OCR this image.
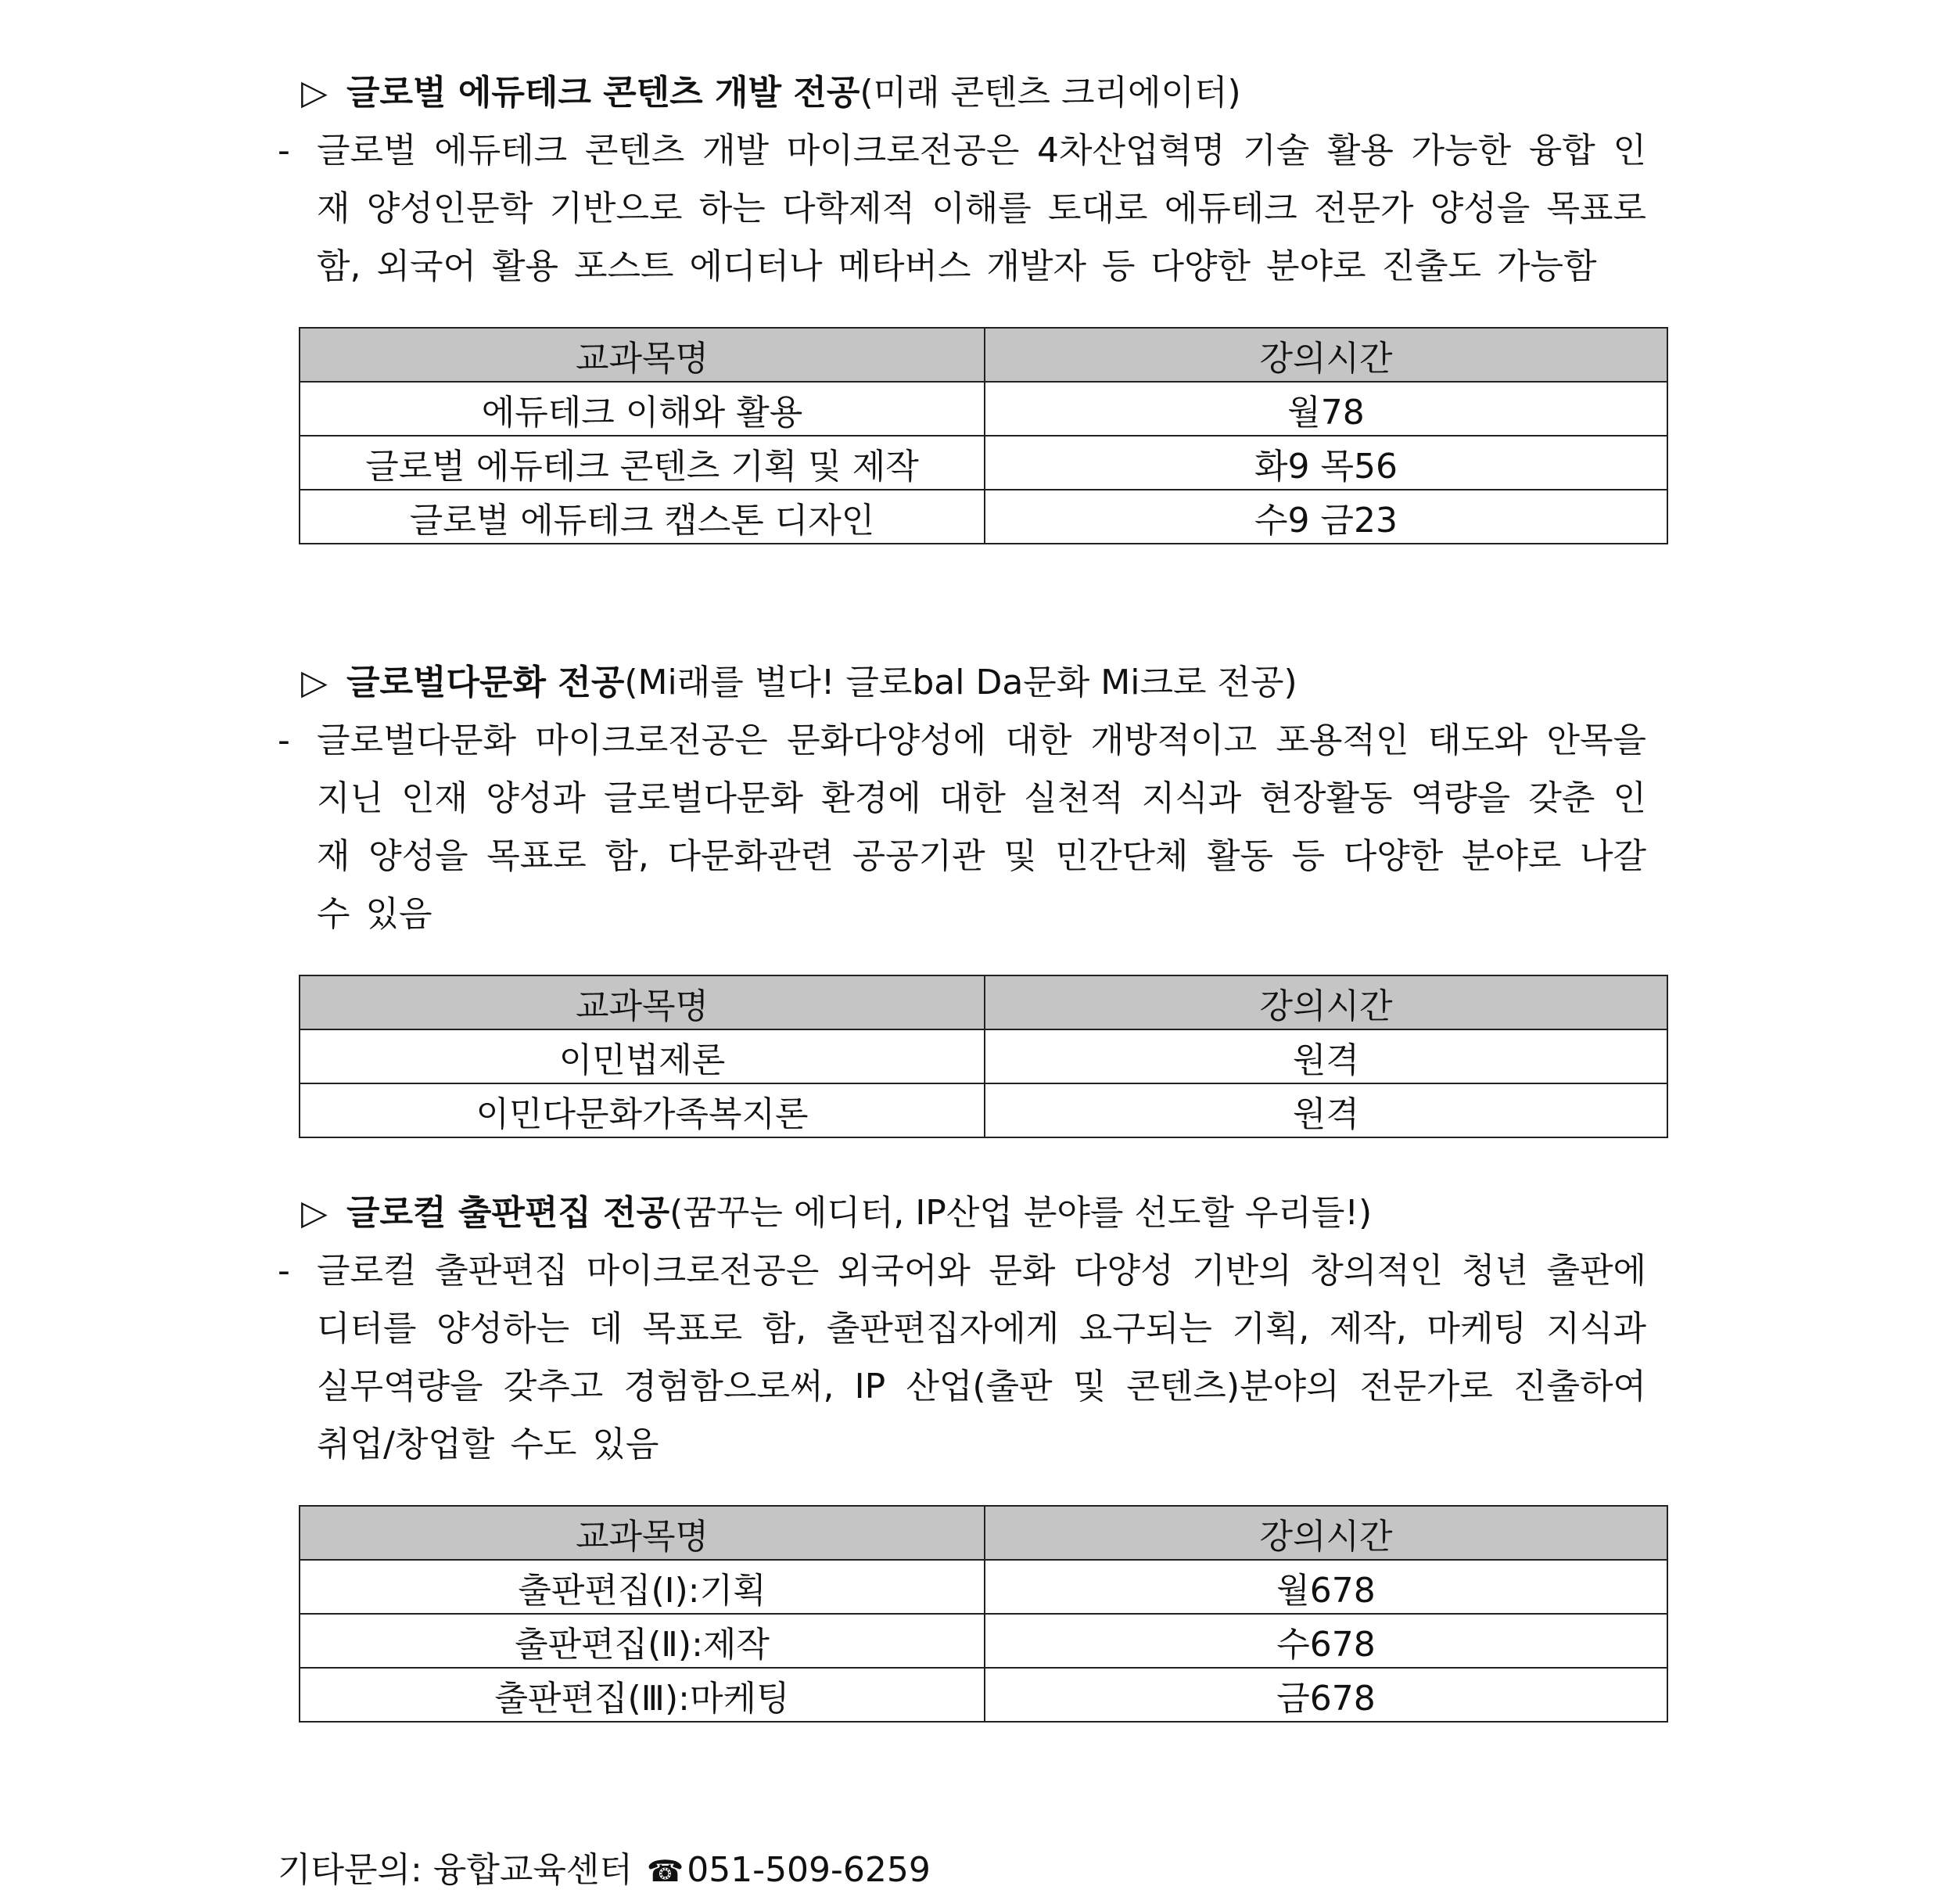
▷ 글로벌 에듀테크 콘텐츠 개발 전공(미래 콘텐츠 크리에이터)
- 글로벌 에듀테크 콘텐츠 개발 마이크로전공은 4차산업혁명 기술 활용 가능한 융합 인재 양성인문학 기반으로 하는 다학제적 이해를 토대로 에듀테크 전문가 양성을 목표로 함, 외국어 활용 포스트 에디터나 메타버스 개발자 등 다양한 분야로 진출도 가능함
교과목명	강의시간
에듀테크 이해와 활용	월78
글로벌 에듀테크 콘텐츠 기획 및 제작	화9 목56
글로벌 에듀테크 캡스톤 디자인	수9 금23
▷ 글로벌다문화 전공(Mi래를 벌다! 글로bal Da문화 Mi크로 전공)
- 글로벌다문화 마이크로전공은 문화다양성에 대한 개방적이고 포용적인 태도와 안목을 지닌 인재 양성과 글로벌다문화 환경에 대한 실천적 지식과 현장활동 역량을 갖춘 인재 양성을 목표로 함, 다문화관련 공공기관 및 민간단체 활동 등 다양한 분야로 나갈 수 있음
교과목명	강의시간
이민법제론	원격
이민다문화가족복지론	원격
▷ 글로컬 출판편집 전공(꿈꾸는 에디터, IP산업 분야를 선도할 우리들!)
- 글로컬 출판편집 마이크로전공은 외국어와 문화 다양성 기반의 창의적인 청년 출판에디터를 양성하는 데 목표로 함, 출판편집자에게 요구되는 기획, 제작, 마케팅 지식과 실무역량을 갖추고 경험함으로써, IP 산업(출판 및 콘텐츠)분야의 전문가로 진출하여 취업/창업할 수도 있음
교과목명	강의시간
출판편집(Ⅰ):기획	월678
출판편집(Ⅱ):제작	수678
출판편집(Ⅲ):마케팅	금678
기타문의: 융합교육센터 ☎051-509-6259
